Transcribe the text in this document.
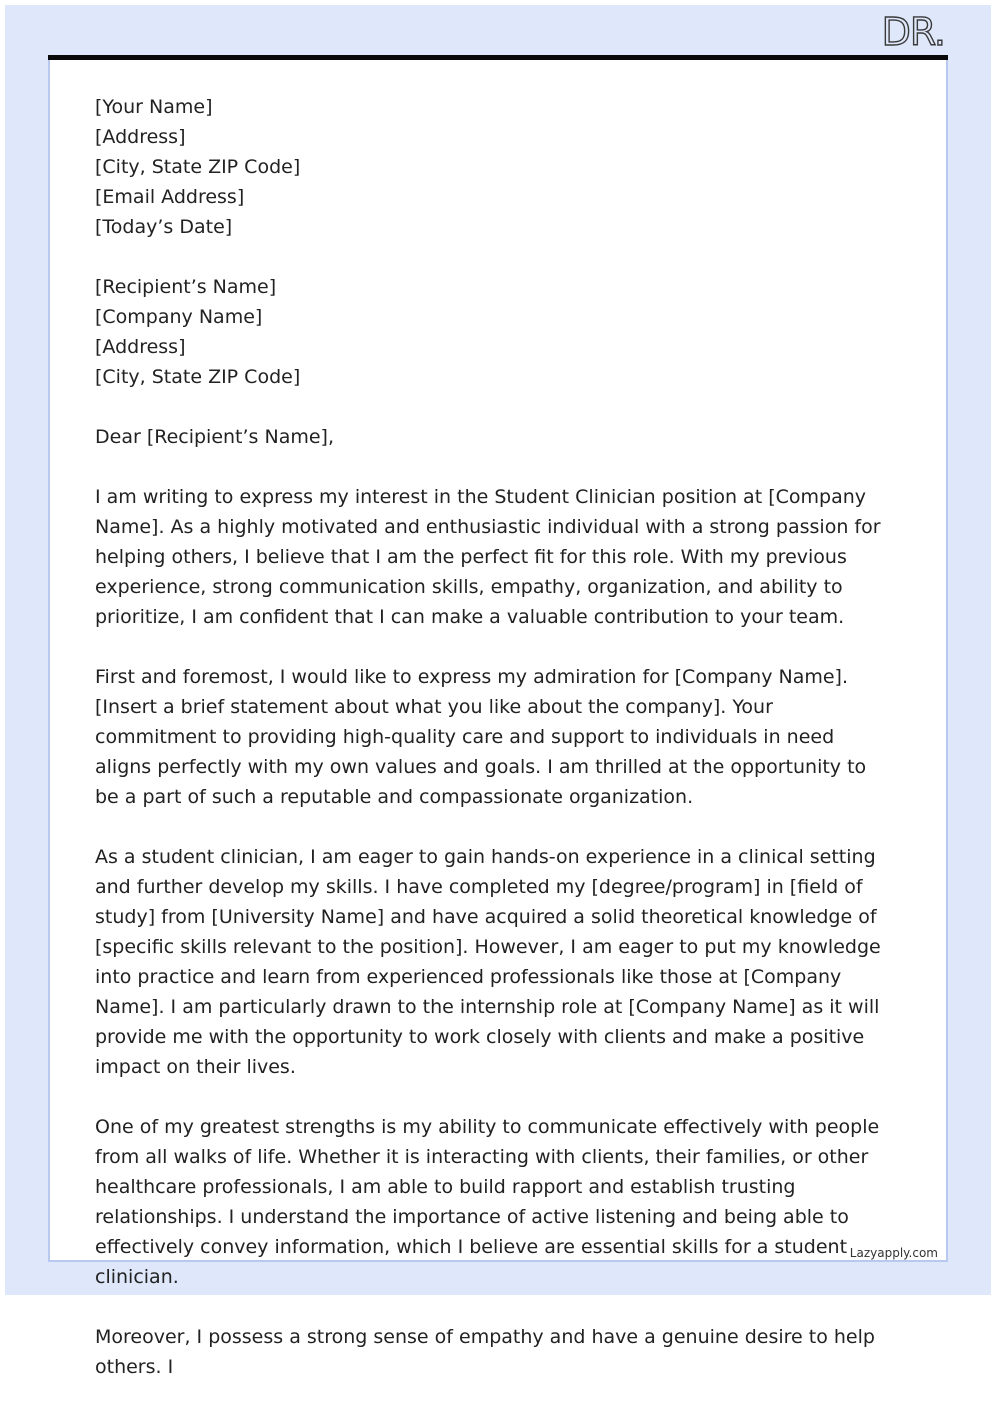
DR.
Lazyapply.com

[Your Name]
[Address]
[City, State ZIP Code]
[Email Address]
[Today’s Date]

[Recipient’s Name]
[Company Name]
[Address]
[City, State ZIP Code]

Dear [Recipient’s Name],

I am writing to express my interest in the Student Clinician position at [Company Name]. As a highly motivated and enthusiastic individual with a strong passion for helping others, I believe that I am the perfect fit for this role. With my previous experience, strong communication skills, empathy, organization, and ability to prioritize, I am confident that I can make a valuable contribution to your team.

First and foremost, I would like to express my admiration for [Company Name]. [Insert a brief statement about what you like about the company]. Your commitment to providing high-quality care and support to individuals in need aligns perfectly with my own values and goals. I am thrilled at the opportunity to be a part of such a reputable and compassionate organization.

As a student clinician, I am eager to gain hands-on experience in a clinical setting and further develop my skills. I have completed my [degree/program] in [field of study] from [University Name] and have acquired a solid theoretical knowledge of [specific skills relevant to the position]. However, I am eager to put my knowledge into practice and learn from experienced professionals like those at [Company Name]. I am particularly drawn to the internship role at [Company Name] as it will provide me with the opportunity to work closely with clients and make a positive impact on their lives.

One of my greatest strengths is my ability to communicate effectively with people from all walks of life. Whether it is interacting with clients, their families, or other healthcare professionals, I am able to build rapport and establish trusting relationships. I understand the importance of active listening and being able to effectively convey information, which I believe are essential skills for a student clinician.

Moreover, I possess a strong sense of empathy and have a genuine desire to help others. I
